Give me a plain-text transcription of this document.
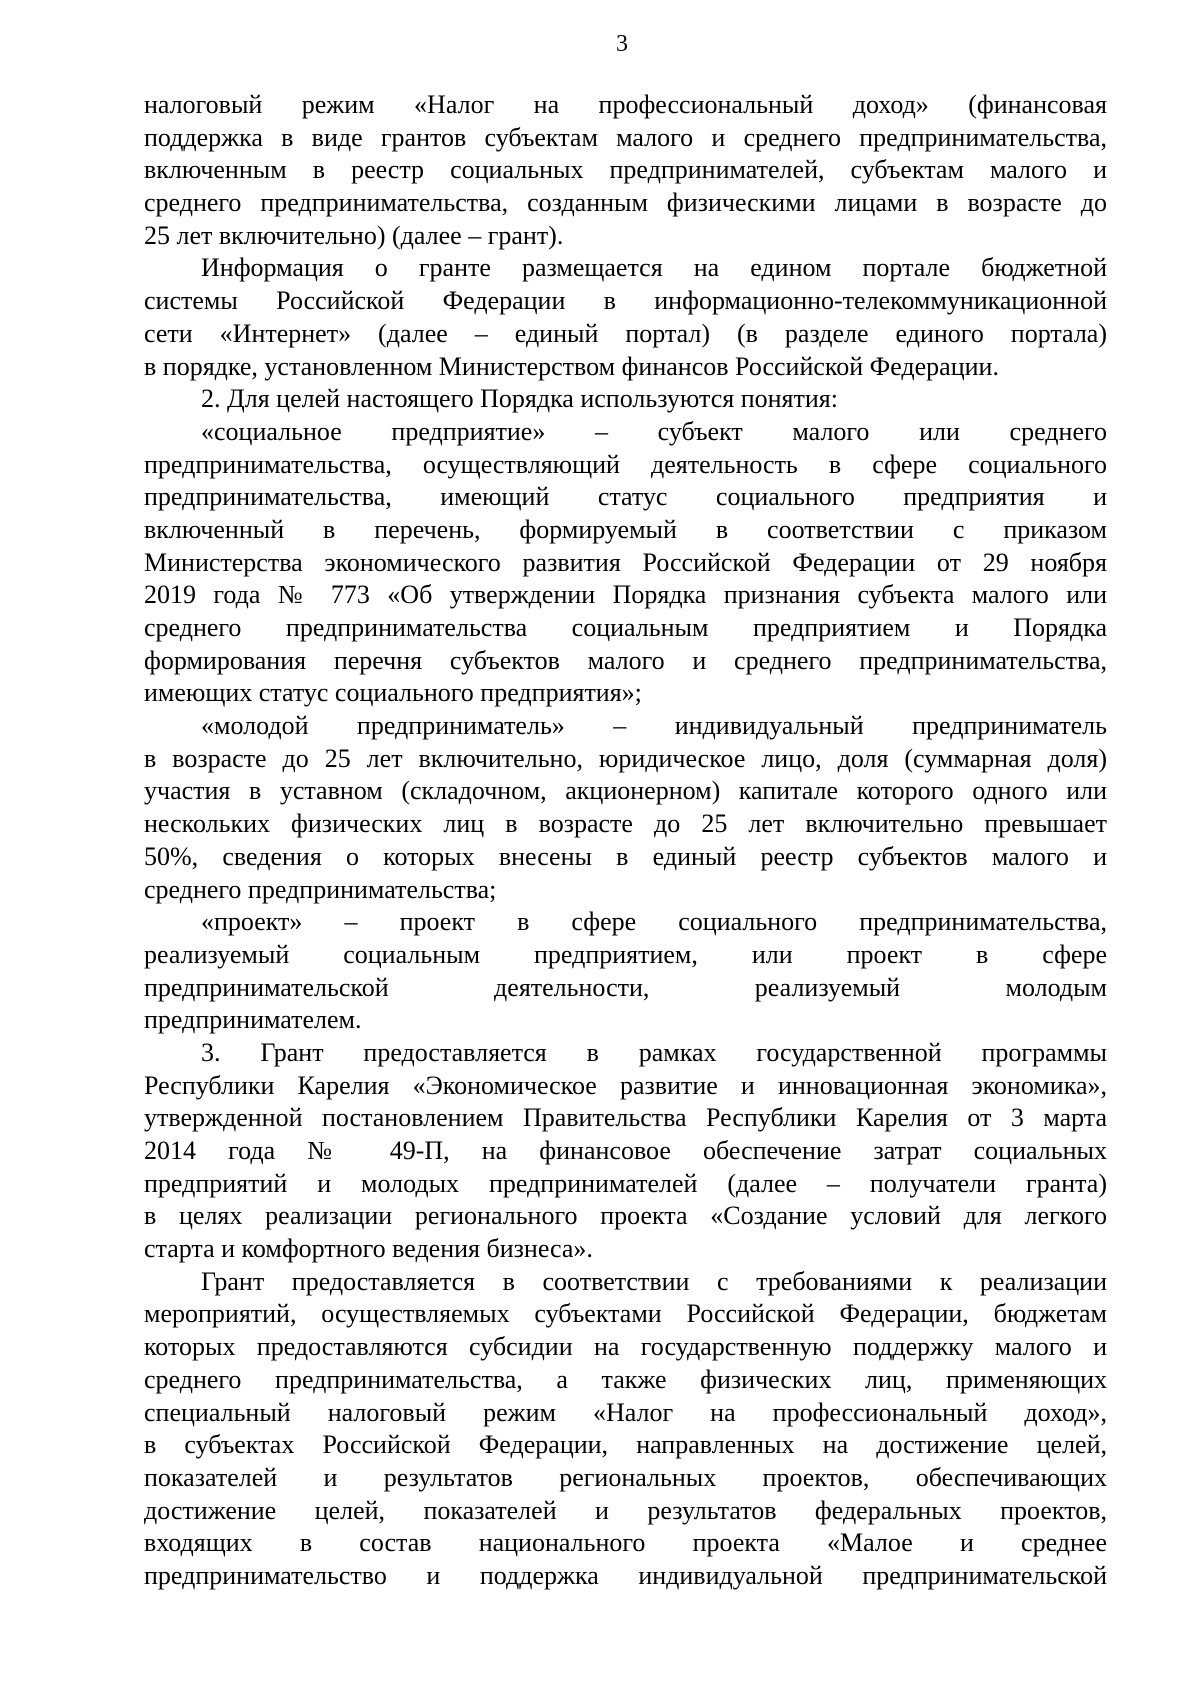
3
налоговый режим «Налог на профессиональный доход» (финансовая
поддержка в виде грантов субъектам малого и среднего предпринимательства,
включенным в реестр социальных предпринимателей, субъектам малого и
среднего предпринимательства, созданным физическими лицами в возрасте до
25 лет включительно) (далее – грант).
Информация о гранте размещается на едином портале бюджетной
системы Российской Федерации в информационно-телекоммуникационной
сети «Интернет» (далее – единый портал) (в разделе единого портала)
в порядке, установленном Министерством финансов Российской Федерации.
2. Для целей настоящего Порядка используются понятия:
«социальное предприятие» – субъект малого или среднего
предпринимательства, осуществляющий деятельность в сфере социального
предпринимательства, имеющий статус социального предприятия и
включенный в перечень, формируемый в соответствии с приказом
Министерства экономического развития Российской Федерации от 29 ноября
2019 года № 773 «Об утверждении Порядка признания субъекта малого или
среднего предпринимательства социальным предприятием и Порядка
формирования перечня субъектов малого и среднего предпринимательства,
имеющих статус социального предприятия»;
«молодой предприниматель» – индивидуальный предприниматель
в возрасте до 25 лет включительно, юридическое лицо, доля (суммарная доля)
участия в уставном (складочном, акционерном) капитале которого одного или
нескольких физических лиц в возрасте до 25 лет включительно превышает
50%, сведения о которых внесены в единый реестр субъектов малого и
среднего предпринимательства;
«проект» – проект в сфере социального предпринимательства,
реализуемый социальным предприятием, или проект в сфере
предпринимательской деятельности, реализуемый молодым
предпринимателем.
3. Грант предоставляется в рамках государственной программы
Республики Карелия «Экономическое развитие и инновационная экономика»,
утвержденной постановлением Правительства Республики Карелия от 3 марта
2014 года № 49-П, на финансовое обеспечение затрат социальных
предприятий и молодых предпринимателей (далее – получатели гранта)
в целях реализации регионального проекта «Создание условий для легкого
старта и комфортного ведения бизнеса».
Грант предоставляется в соответствии с требованиями к реализации
мероприятий, осуществляемых субъектами Российской Федерации, бюджетам
которых предоставляются субсидии на государственную поддержку малого и
среднего предпринимательства, а также физических лиц, применяющих
специальный налоговый режим «Налог на профессиональный доход»,
в субъектах Российской Федерации, направленных на достижение целей,
показателей и результатов региональных проектов, обеспечивающих
достижение целей, показателей и результатов федеральных проектов,
входящих в состав национального проекта «Малое и среднее
предпринимательство и поддержка индивидуальной предпринимательской
